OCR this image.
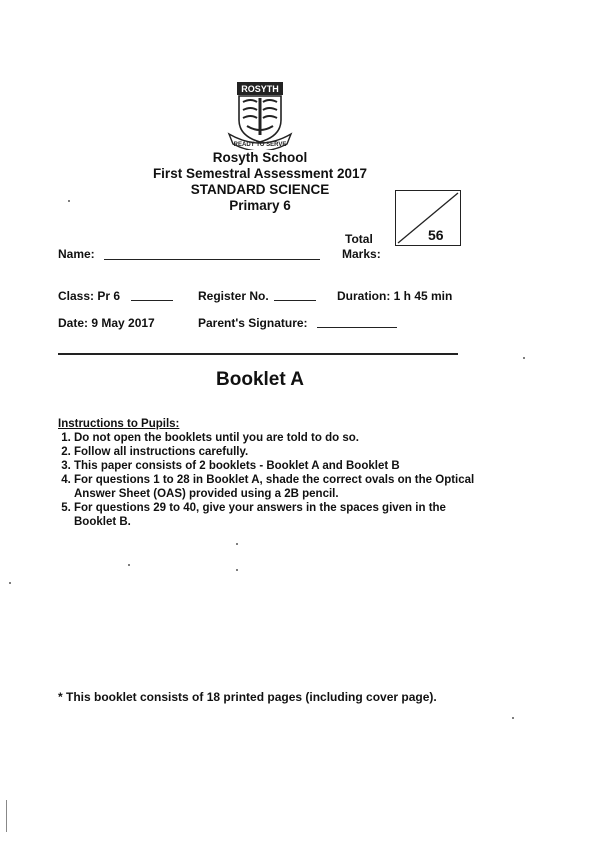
ROSYTH
READY TO SERVE
Rosyth School
First Semestral Assessment 2017
STANDARD SCIENCE
Primary 6
Total
Marks:
56
Name:
Class: Pr 6	Register No.	Duration: 1 h 45 min
Date: 9 May 2017	Parent's Signature:
Booklet A
Instructions to Pupils:
1. Do not open the booklets until you are told to do so.
2. Follow all instructions carefully.
3. This paper consists of 2 booklets - Booklet A and Booklet B
4. For questions 1 to 28 in Booklet A, shade the correct ovals on the Optical Answer Sheet (OAS) provided using a 2B pencil.
5. For questions 29 to 40, give your answers in the spaces given in the Booklet B.
* This booklet consists of 18 printed pages (including cover page).
